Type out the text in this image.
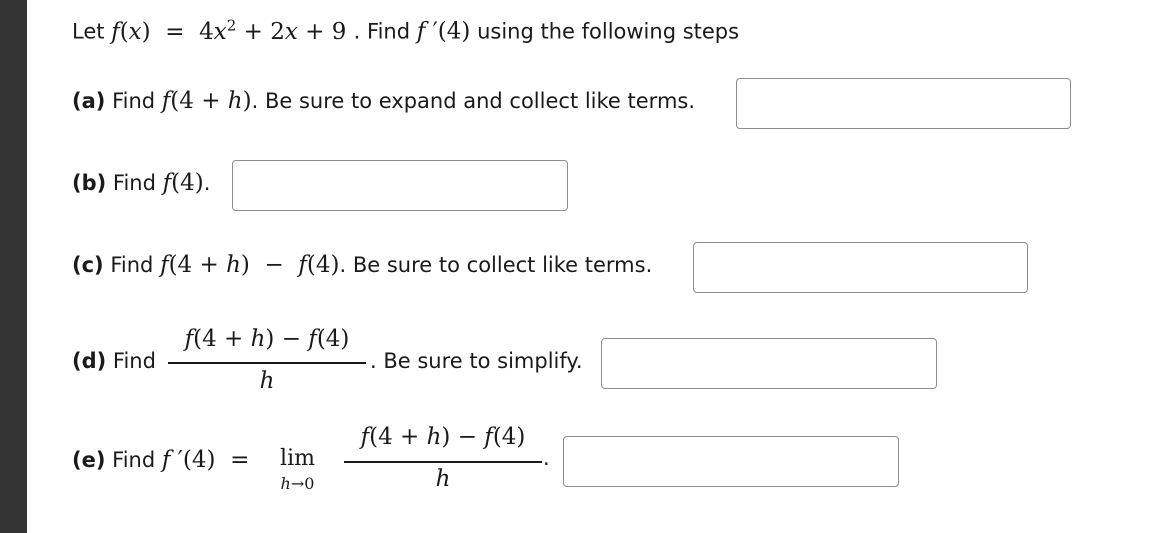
Let $f(x) = 4x^2 + 2x + 9$ . Find f ′(4) using the following steps
(a) Find f(4 + h). Be sure to expand and collect like terms.
(b) Find f(4).
(c) Find f(4 + h)  −  f(4). Be sure to collect like terms.
(d) Find
f(4 + h) − f(4)
h
. Be sure to simplify.
(e) Find f ′(4)  =	lim
h→0
f(4 + h) − f(4)
h
.
